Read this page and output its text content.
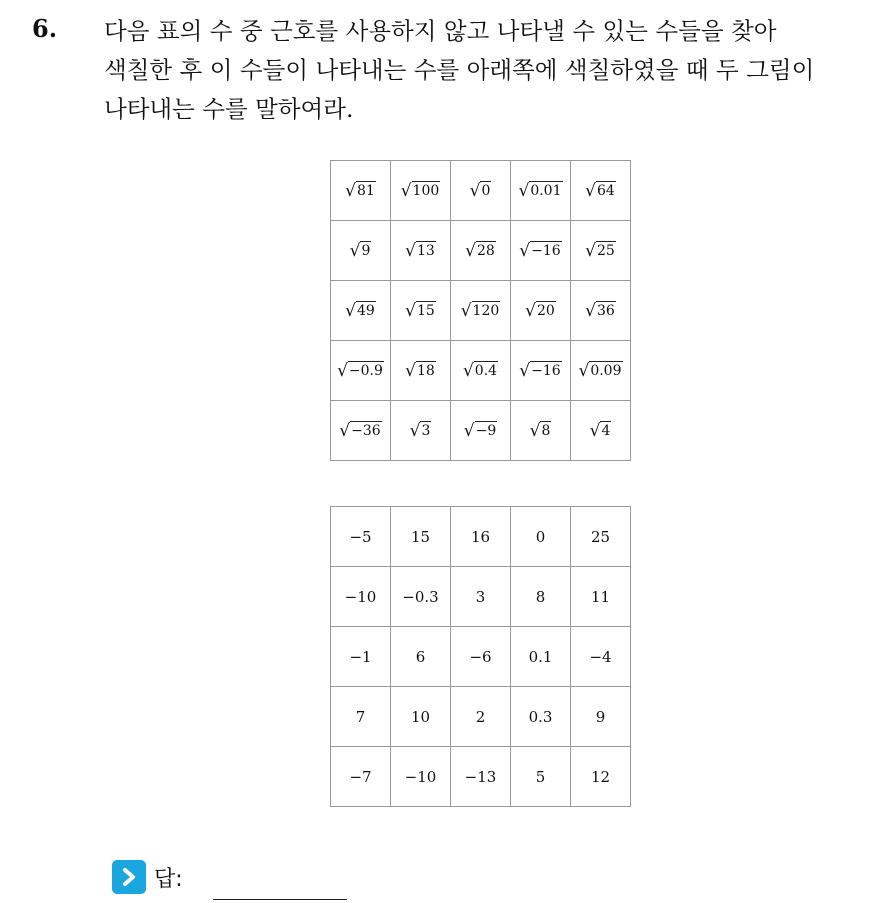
6. 다음 표의 수 중 근호를 사용하지 않고 나타낼 수 있는 수들을 찾아
색칠한 후 이 수들이 나타내는 수를 아래쪽에 색칠하였을 때 두 그림이
나타내는 수를 말하여라.
√ 81	√ 100	√ 0	√ 0.01	√ 64

√ 9	√ 13	√ 28	√ −16	√ 25

√ 49	√ 15	√ 120	√ 20	√ 36

√ −0.9	√ 18	√ 0.4	√ −16	√ 0.09

√ −36	√ 3	√ −9	√ 8	√ 4
−5	15	16	0	25
−10	−0.3	3	8	11
−1	6	−6	0.1	−4
7	10	2	0.3	9
−7	−10	−13	5	12
답:
